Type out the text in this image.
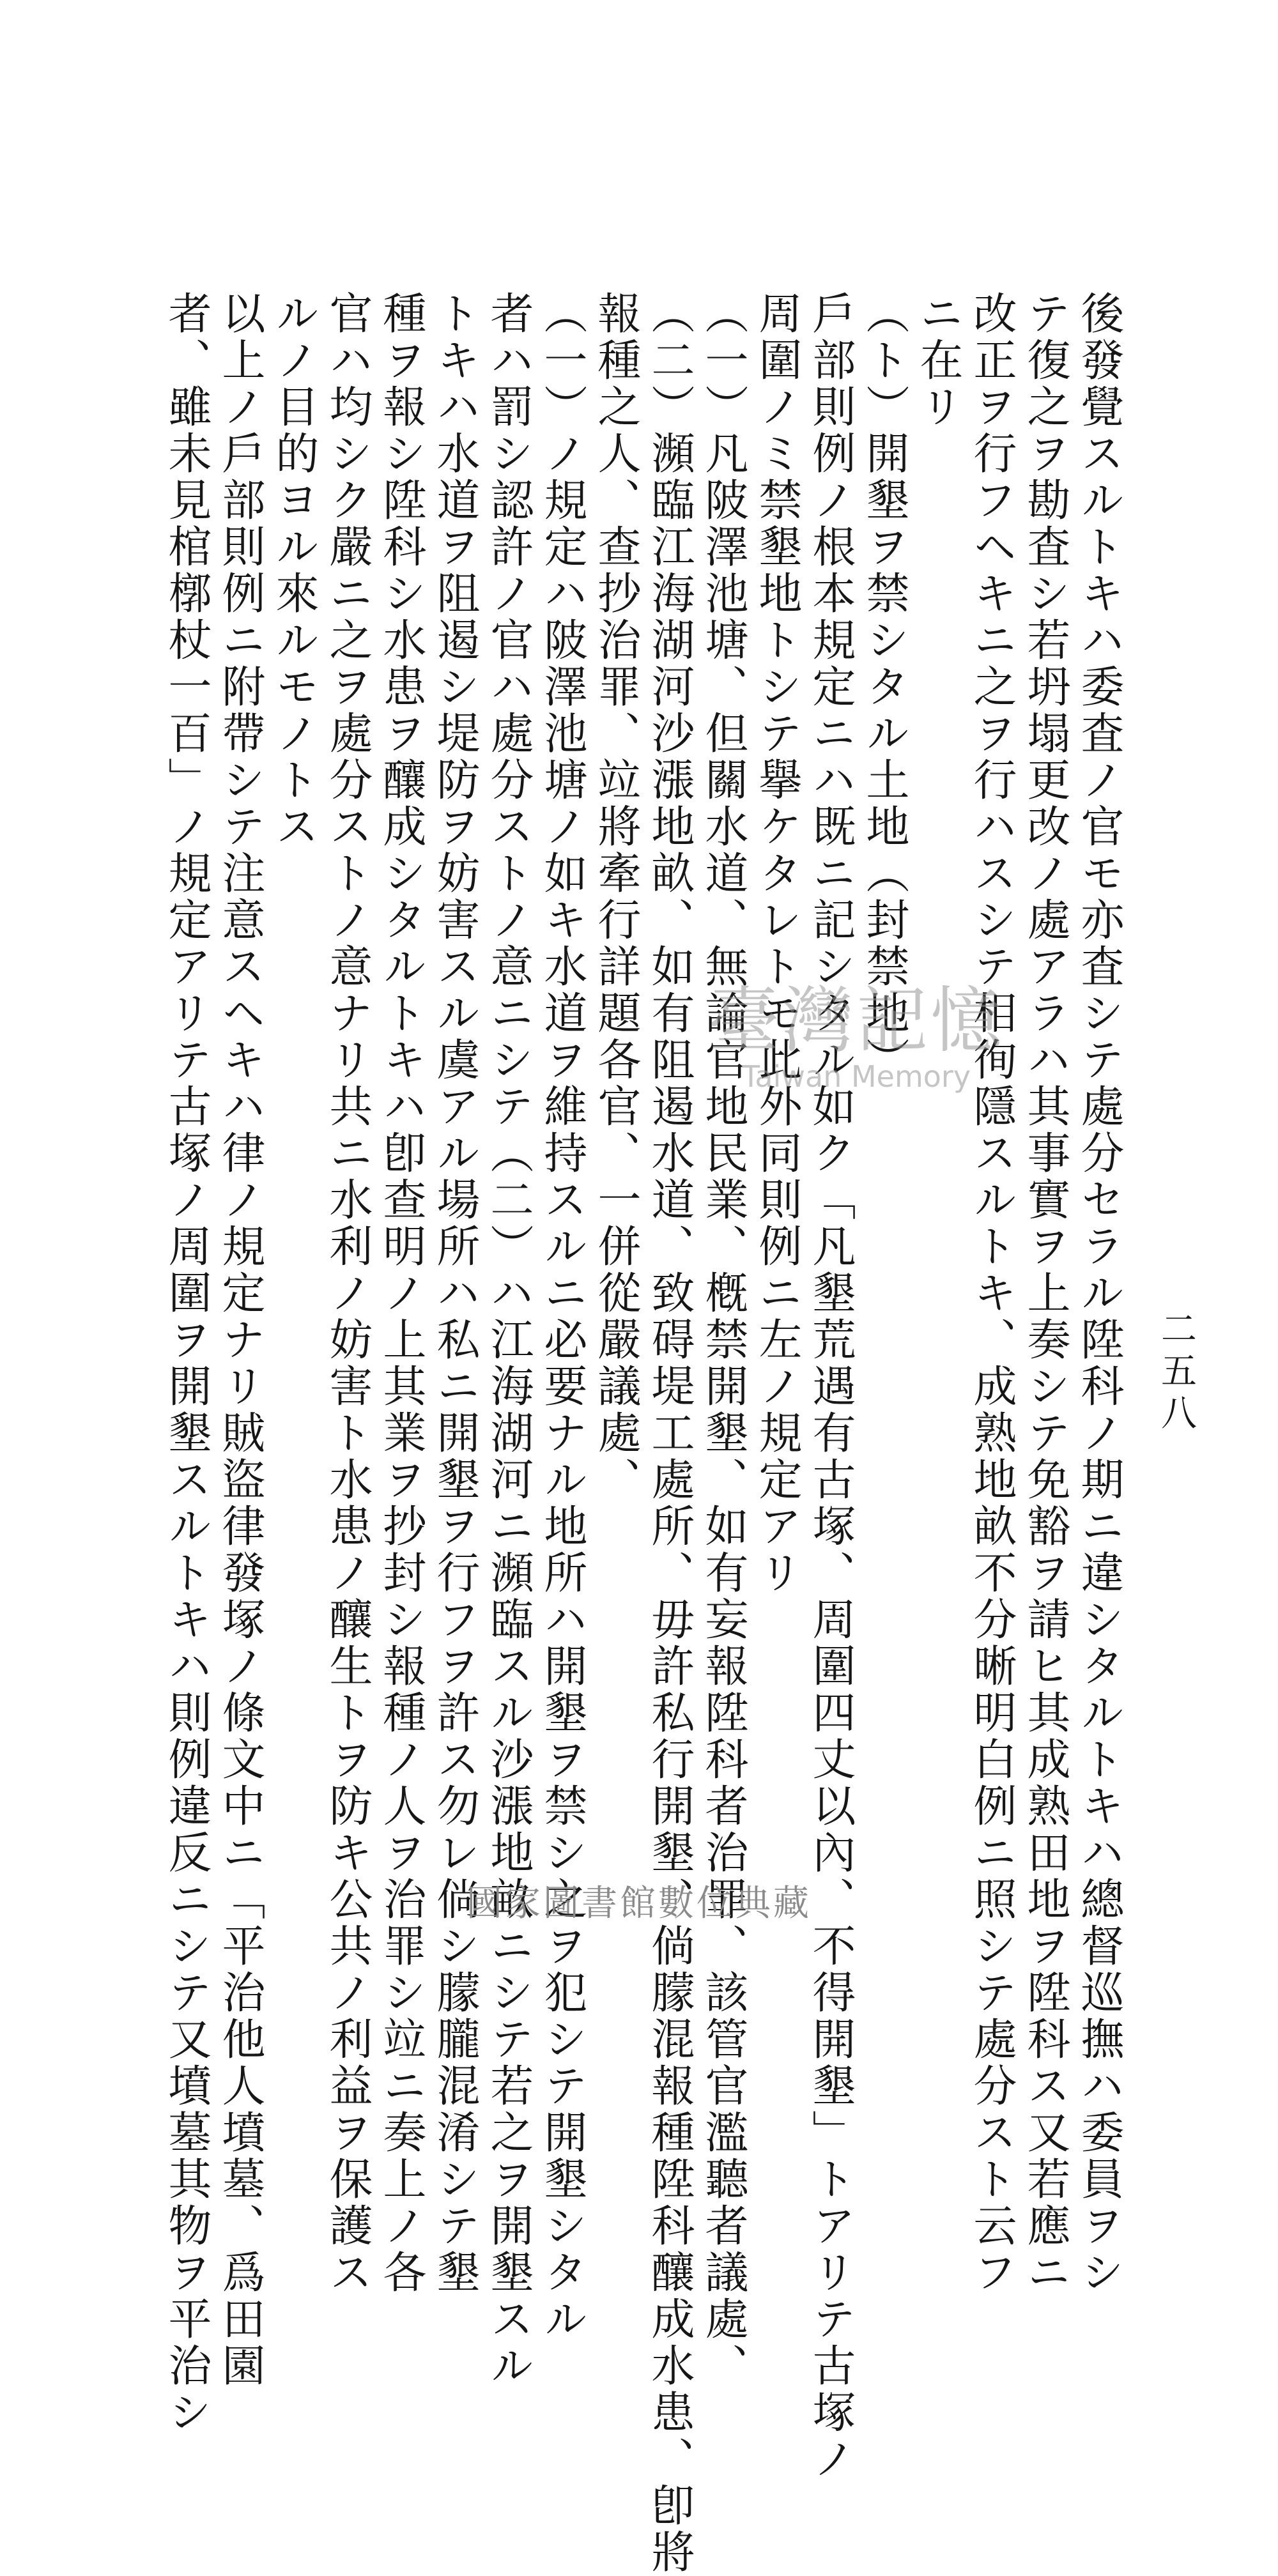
二五八
後發覺スルトキハ委査ノ官モ亦査シテ處分セラル陞科ノ期ニ違シタルトキハ總督巡撫ハ委員ヲシ
テ復之ヲ勘査シ若坍塌更改ノ處アラハ其事實ヲ上奏シテ免豁ヲ請ヒ其成熟田地ヲ陞科ス又若應ニ
改正ヲ行フヘキニ之ヲ行ハスシテ相徇隱スルトキ、成熟地畝不分晰明白例ニ照シテ處分スト云フ
ニ在リ
（ト）開墾ヲ禁シタル土地（封禁地）
戶部則例ノ根本規定ニハ既ニ記シタル如ク「凡墾荒遇有古塚、周圍四丈以內、不得開墾」トアリテ古塚ノ
周圍ノミ禁墾地トシテ擧ケタレトモ此外同則例ニ左ノ規定アリ
（一）凡陂澤池塘、但關水道、無論官地民業、槪禁開墾、如有妄報陞科者治罪、該管官濫聽者議處、
（二）瀕臨江海湖河沙漲地畝、如有阻遏水道、致碍堤工處所、毋許私行開墾、倘朦混報種陞科釀成水患、卽將
報種之人、查抄治罪、竝將牽行詳題各官、一併從嚴議處、
（一）ノ規定ハ陂澤池塘ノ如キ水道ヲ維持スルニ必要ナル地所ハ開墾ヲ禁シ之ヲ犯シテ開墾シタル
者ハ罰シ認許ノ官ハ處分ストノ意ニシテ（二）ハ江海湖河ニ瀕臨スル沙漲地畝ニシテ若之ヲ開墾スル
トキハ水道ヲ阻遏シ堤防ヲ妨害スル虞アル場所ハ私ニ開墾ヲ行フヲ許ス勿レ倘シ朦朧混淆シテ墾
種ヲ報シ陞科シ水患ヲ釀成シタルトキハ卽查明ノ上其業ヲ抄封シ報種ノ人ヲ治罪シ竝ニ奏上ノ各
官ハ均シク嚴ニ之ヲ處分ストノ意ナリ共ニ水利ノ妨害ト水患ノ釀生トヲ防キ公共ノ利益ヲ保護ス
ルノ目的ヨル來ルモノトス
以上ノ戶部則例ニ附帶シテ注意スヘキハ律ノ規定ナリ賊盜律發塚ノ條文中ニ「平治他人墳墓、爲田園
者、雖未見棺槨杖一百」ノ規定アリテ古塚ノ周圍ヲ開墾スルトキハ則例違反ニシテ又墳墓其物ヲ平治シ	臺灣記憶
Taiwan Memory
國家圖書館數位典藏
